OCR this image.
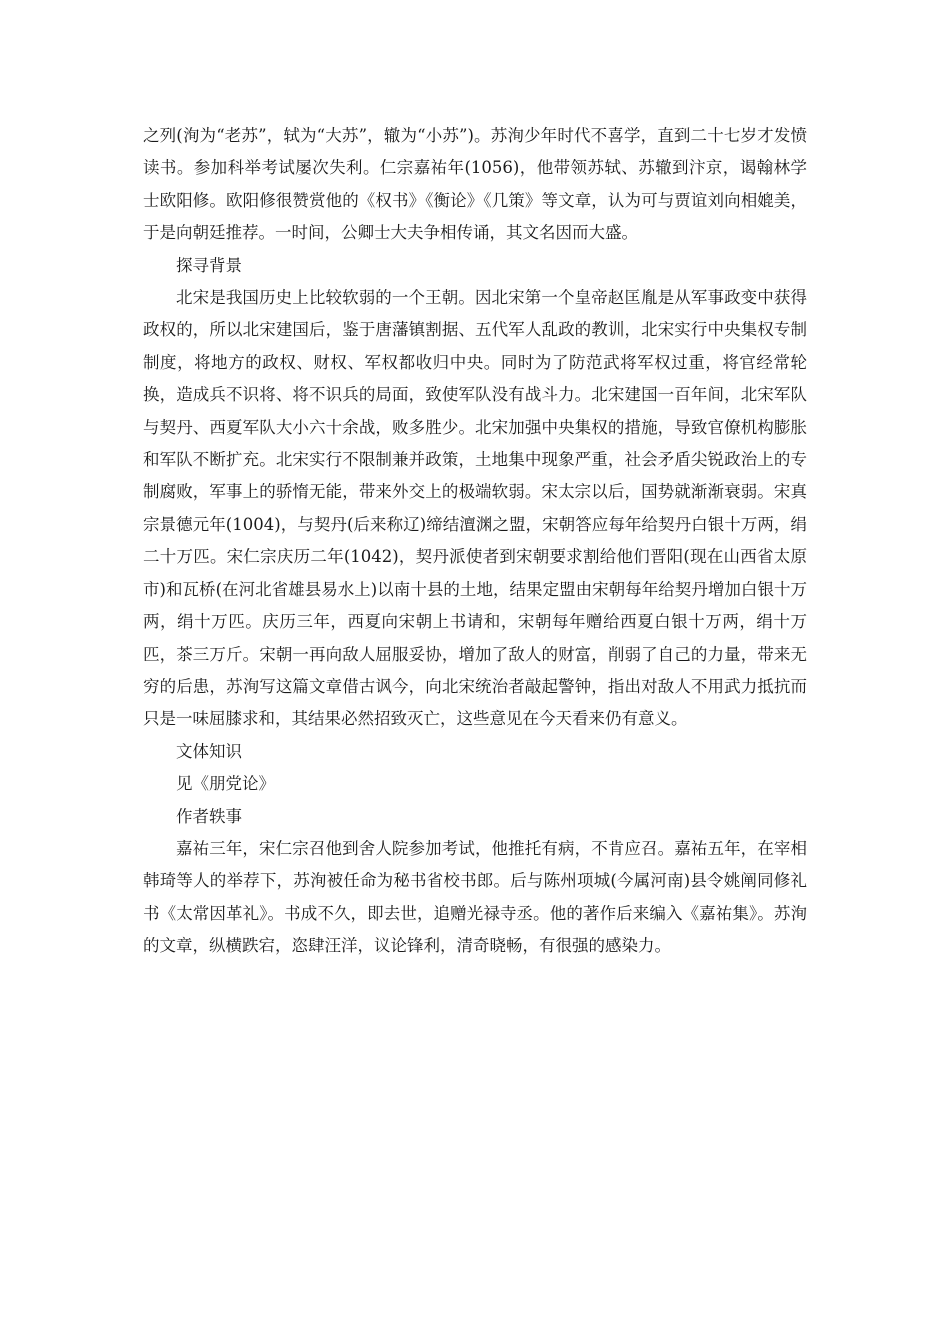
之列(洵为“老苏”，轼为“大苏”，辙为“小苏”)。苏洵少年时代不喜学，直到二十七岁才发愤读书。参加科举考试屡次失利。仁宗嘉祐年(1056)，他带领苏轼、苏辙到汴京，谒翰林学士欧阳修。欧阳修很赞赏他的《权书》《衡论》《几策》等文章，认为可与贾谊刘向相媲美，于是向朝廷推荐。一时间，公卿士大夫争相传诵，其文名因而大盛。

探寻背景

北宋是我国历史上比较软弱的一个王朝。因北宋第一个皇帝赵匡胤是从军事政变中获得政权的，所以北宋建国后，鉴于唐藩镇割据、五代军人乱政的教训，北宋实行中央集权专制制度，将地方的政权、财权、军权都收归中央。同时为了防范武将军权过重，将官经常轮换，造成兵不识将、将不识兵的局面，致使军队没有战斗力。北宋建国一百年间，北宋军队与契丹、西夏军队大小六十余战，败多胜少。北宋加强中央集权的措施，导致官僚机构膨胀和军队不断扩充。北宋实行不限制兼并政策，土地集中现象严重，社会矛盾尖锐政治上的专制腐败，军事上的骄惰无能，带来外交上的极端软弱。宋太宗以后，国势就渐渐衰弱。宋真宗景德元年(1004)，与契丹(后来称辽)缔结澶渊之盟，宋朝答应每年给契丹白银十万两，绢二十万匹。宋仁宗庆历二年(1042)，契丹派使者到宋朝要求割给他们晋阳(现在山西省太原市)和瓦桥(在河北省雄县易水上)以南十县的土地，结果定盟由宋朝每年给契丹增加白银十万两，绢十万匹。庆历三年，西夏向宋朝上书请和，宋朝每年赠给西夏白银十万两，绢十万匹，茶三万斤。宋朝一再向敌人屈服妥协，增加了敌人的财富，削弱了自己的力量，带来无穷的后患，苏洵写这篇文章借古讽今，向北宋统治者敲起警钟，指出对敌人不用武力抵抗而只是一味屈膝求和，其结果必然招致灭亡，这些意见在今天看来仍有意义。

文体知识

见《朋党论》

作者轶事

嘉祐三年，宋仁宗召他到舍人院参加考试，他推托有病，不肯应召。嘉祐五年，在宰相韩琦等人的举荐下，苏洵被任命为秘书省校书郎。后与陈州项城(今属河南)县令姚阐同修礼书《太常因革礼》。书成不久，即去世，追赠光禄寺丞。他的著作后来编入《嘉祐集》。苏洵的文章，纵横跌宕，恣肆汪洋，议论锋利，清奇晓畅，有很强的感染力。
